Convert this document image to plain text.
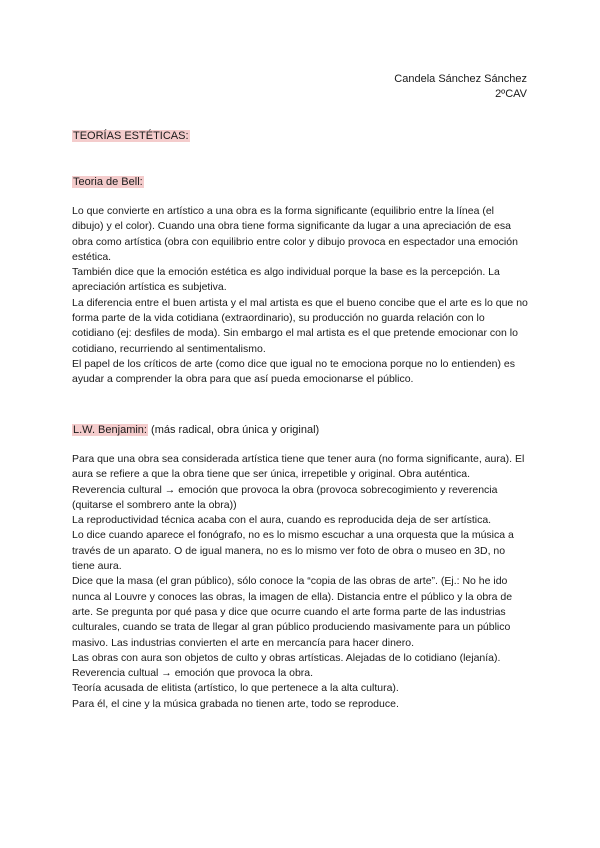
Candela Sánchez Sánchez
2ºCAV
TEORÍAS ESTÉTICAS:
Teoria de Bell:

Lo que convierte en artístico a una obra es la forma significante (equilibrio entre la línea (el dibujo) y el color). Cuando una obra tiene forma significante da lugar a una apreciación de esa obra como artística (obra con equilibrio entre color y dibujo provoca en espectador una emoción estética.

También dice que la emoción estética es algo individual porque la base es la percepción. La apreciación artística es subjetiva.

La diferencia entre el buen artista y el mal artista es que el bueno concibe que el arte es lo que no forma parte de la vida cotidiana (extraordinario), su producción no guarda relación con lo cotidiano (ej: desfiles de moda). Sin embargo el mal artista es el que pretende emocionar con lo cotidiano, recurriendo al sentimentalismo.

El papel de los críticos de arte (como dice que igual no te emociona porque no lo entienden) es ayudar a comprender la obra para que así pueda emocionarse el público.

L.W. Benjamin: (más radical, obra única y original)

Para que una obra sea considerada artística tiene que tener aura (no forma significante, aura). El aura se refiere a que la obra tiene que ser única, irrepetible y original. Obra auténtica.

Reverencia cultural → emoción que provoca la obra (provoca sobrecogimiento y reverencia (quitarse el sombrero ante la obra))

La reproductividad técnica acaba con el aura, cuando es reproducida deja de ser artística.

Lo dice cuando aparece el fonógrafo, no es lo mismo escuchar a una orquesta que la música a través de un aparato. O de igual manera, no es lo mismo ver foto de obra o museo en 3D, no tiene aura.

Dice que la masa (el gran público), sólo conoce la “copia de las obras de arte”. (Ej.: No he ido nunca al Louvre y conoces las obras, la imagen de ella). Distancia entre el público y la obra de arte. Se pregunta por qué pasa y dice que ocurre cuando el arte forma parte de las industrias culturales, cuando se trata de llegar al gran público produciendo masivamente para un público masivo. Las industrias convierten el arte en mercancía para hacer dinero.

Las obras con aura son objetos de culto y obras artísticas. Alejadas de lo cotidiano (lejanía).

Reverencia cultual → emoción que provoca la obra.

Teoría acusada de elitista (artístico, lo que pertenece a la alta cultura).

Para él, el cine y la música grabada no tienen arte, todo se reproduce.
